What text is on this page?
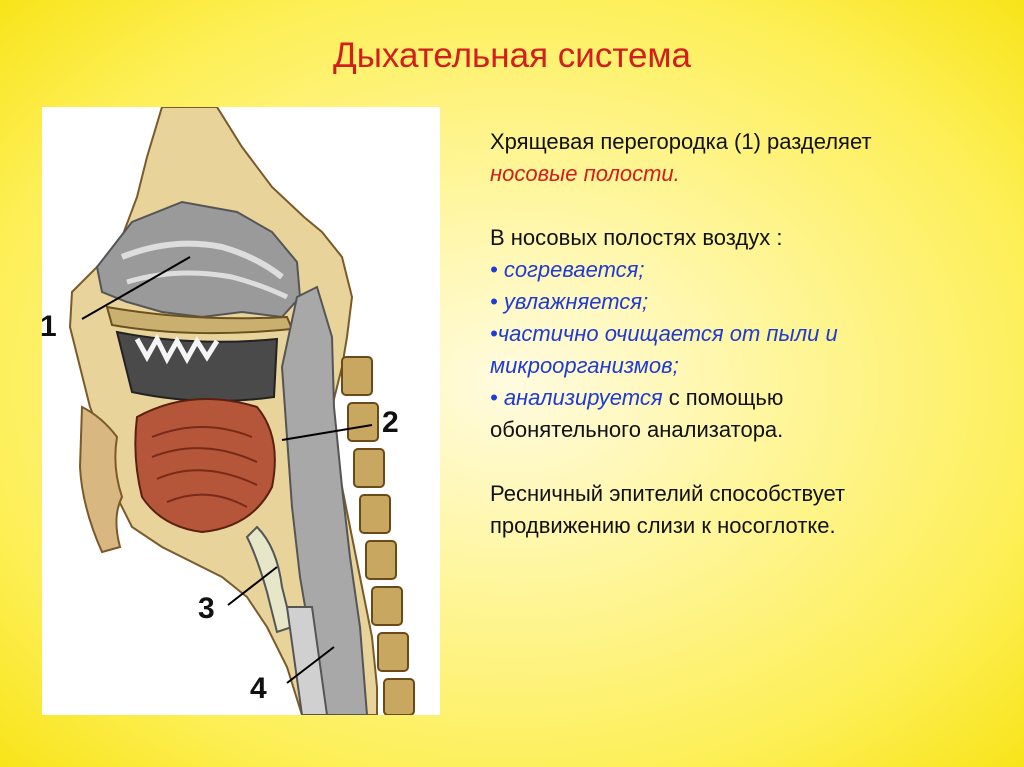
Дыхательная система
1
2
3
4
Хрящевая перегородка (1) разделяет
носовые полости.
В носовых полостях воздух :
• согревается;
• увлажняется;
•частично очищается от пыли и
микроорганизмов;
• анализируется с помощью
обонятельного анализатора.
Ресничный эпителий способствует
продвижению слизи к носоглотке.
